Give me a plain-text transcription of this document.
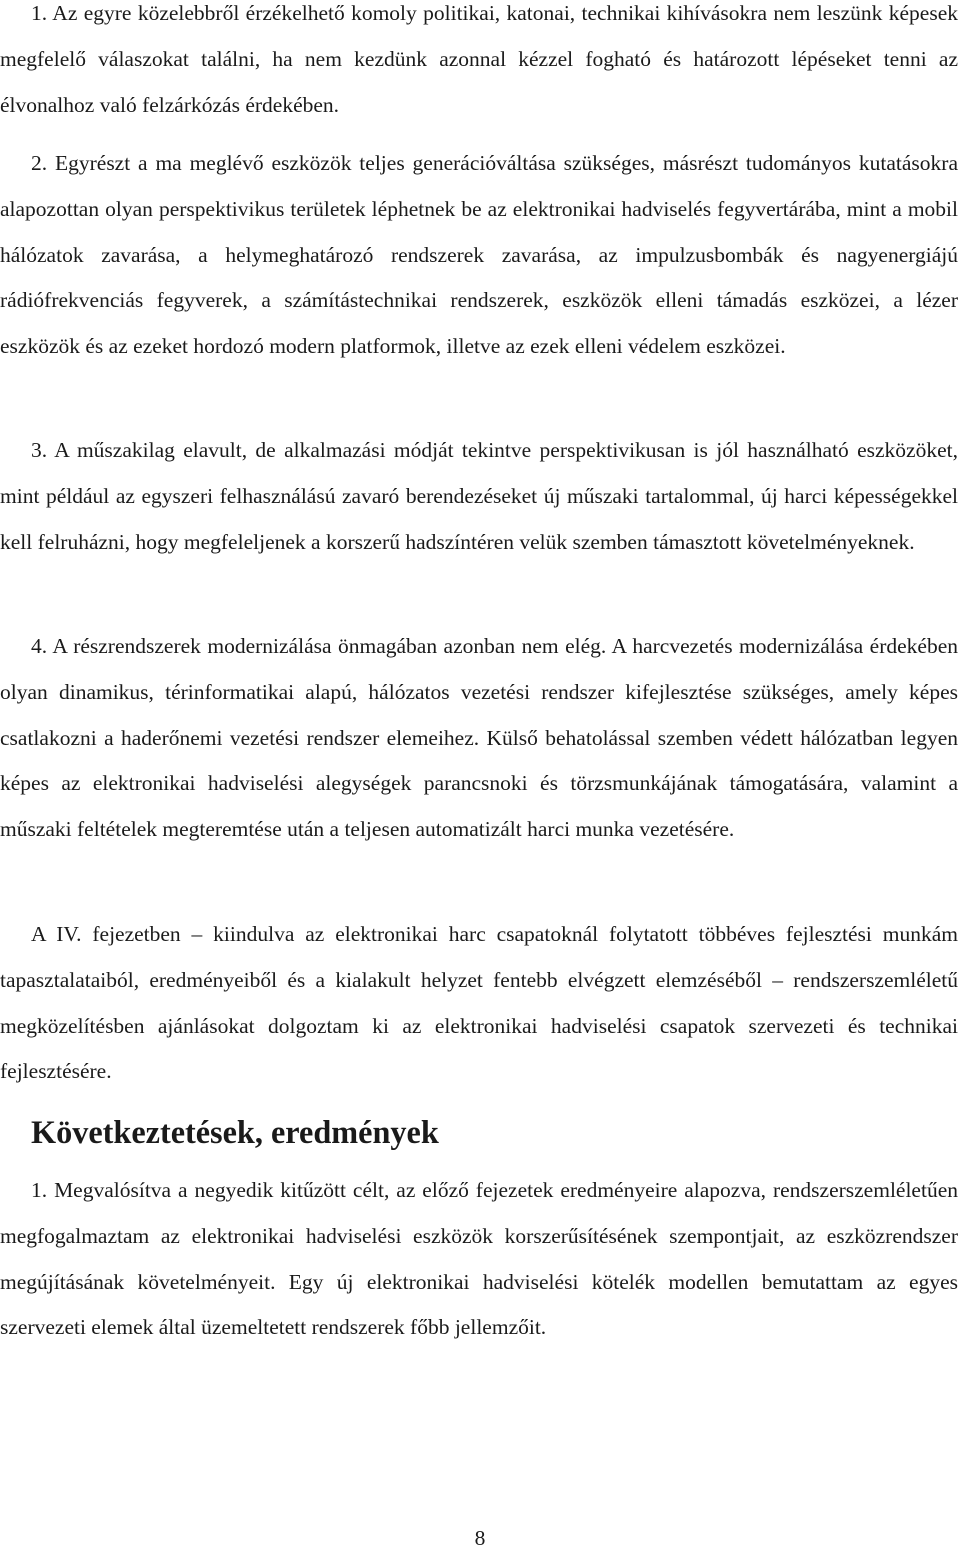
1. Az egyre közelebbről érzékelhető komoly politikai, katonai, technikai kihívásokra nem leszünk képesek megfelelő válaszokat találni, ha nem kezdünk azonnal kézzel fogható és határozott lépéseket tenni az élvonalhoz való felzárkózás érdekében.

2. Egyrészt a ma meglévő eszközök teljes generációváltása szükséges, másrészt tudományos kutatásokra alapozottan olyan perspektivikus területek léphetnek be az elektronikai hadviselés fegyvertárába, mint a mobil hálózatok zavarása, a helymeghatározó rendszerek zavarása, az impulzusbombák és nagyenergiájú rádiófrekvenciás fegyverek, a számítástechnikai rendszerek, eszközök elleni támadás eszközei, a lézer eszközök és az ezeket hordozó modern platformok, illetve az ezek elleni védelem eszközei.

3. A műszakilag elavult, de alkalmazási módját tekintve perspektivikusan is jól használható eszközöket, mint például az egyszeri felhasználású zavaró berendezéseket új műszaki tartalommal, új harci képességekkel kell felruházni, hogy megfeleljenek a korszerű hadszíntéren velük szemben támasztott követelményeknek.

4. A részrendszerek modernizálása önmagában azonban nem elég. A harcvezetés modernizálása érdekében olyan dinamikus, térinformatikai alapú, hálózatos vezetési rendszer kifejlesztése szükséges, amely képes csatlakozni a haderőnemi vezetési rendszer elemeihez. Külső behatolással szemben védett hálózatban legyen képes az elektronikai hadviselési alegységek parancsnoki és törzsmunkájának támogatására, valamint a műszaki feltételek megteremtése után a teljesen automatizált harci munka vezetésére.

A IV. fejezetben – kiindulva az elektronikai harc csapatoknál folytatott többéves fejlesztési munkám tapasztalataiból, eredményeiből és a kialakult helyzet fentebb elvégzett elemzéséből – rendszerszemléletű megközelítésben ajánlásokat dolgoztam ki az elektronikai hadviselési csapatok szervezeti és technikai fejlesztésére.

Következtetések, eredmények

1. Megvalósítva a negyedik kitűzött célt, az előző fejezetek eredményeire alapozva, rendszerszemléletűen megfogalmaztam az elektronikai hadviselési eszközök korszerűsítésének szempontjait, az eszközrendszer megújításának követelményeit. Egy új elektronikai hadviselési kötelék modellen bemutattam az egyes szervezeti elemek által üzemeltetett rendszerek főbb jellemzőit.

8
